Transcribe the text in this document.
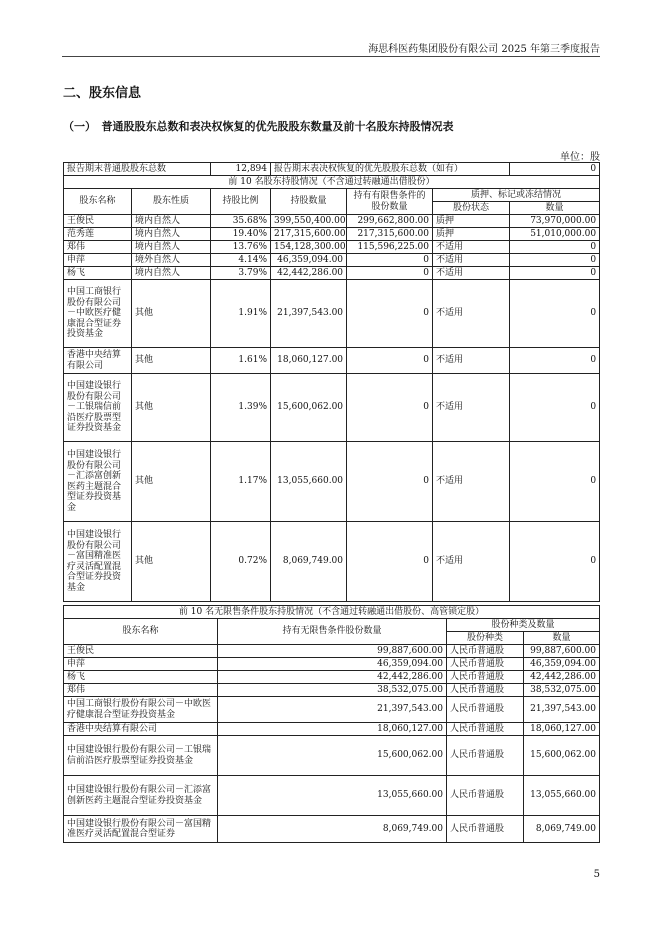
海思科医药集团股份有限公司 2025 年第三季度报告
二、股东信息
（一）　普通股股东总数和表决权恢复的优先股股东数量及前十名股东持股情况表
单位：股
报告期末普通股股东总数		12,894	报告期末表决权恢复的优先股股东总数（如有）			0
前 10 名股东持股情况（不含通过转融通出借股份）						
股东名称	股东性质	持股比例	持股数量	持有有限售条件的股份数量	质押、标记或冻结情况	
					股份状态	数量
王俊民	境内自然人	35.68%	399,550,400.00	299,662,800.00	质押	73,970,000.00
范秀莲	境内自然人	19.40%	217,315,600.00	217,315,600.00	质押	51,010,000.00
郑伟	境内自然人	13.76%	154,128,300.00	115,596,225.00	不适用	0
申萍	境外自然人	4.14%	46,359,094.00	0	不适用	0
杨飞	境内自然人	3.79%	42,442,286.00	0	不适用	0
中国工商银行股份有限公司－中欧医疗健康混合型证券投资基金	其他	1.91%	21,397,543.00	0	不适用	0
香港中央结算有限公司	其他	1.61%	18,060,127.00	0	不适用	0
中国建设银行股份有限公司－工银瑞信前沿医疗股票型证券投资基金	其他	1.39%	15,600,062.00	0	不适用	0
中国建设银行股份有限公司－汇添富创新医药主题混合型证券投资基金	其他	1.17%	13,055,660.00	0	不适用	0
中国建设银行股份有限公司－富国精准医疗灵活配置混合型证券投资基金	其他	0.72%	8,069,749.00	0	不适用	0
前 10 名无限售条件股东持股情况（不含通过转融通出借股份、高管锁定股）			
股东名称	持有无限售条件股份数量	股份种类及数量	
		股份种类	数量
王俊民	99,887,600.00	人民币普通股	99,887,600.00
申萍	46,359,094.00	人民币普通股	46,359,094.00
杨飞	42,442,286.00	人民币普通股	42,442,286.00
郑伟	38,532,075.00	人民币普通股	38,532,075.00
中国工商银行股份有限公司－中欧医疗健康混合型证券投资基金	21,397,543.00	人民币普通股	21,397,543.00
香港中央结算有限公司	18,060,127.00	人民币普通股	18,060,127.00
中国建设银行股份有限公司－工银瑞信前沿医疗股票型证券投资基金	15,600,062.00	人民币普通股	15,600,062.00
中国建设银行股份有限公司－汇添富创新医药主题混合型证券投资基金	13,055,660.00	人民币普通股	13,055,660.00
中国建设银行股份有限公司－富国精准医疗灵活配置混合型证券	8,069,749.00	人民币普通股	8,069,749.00
5
